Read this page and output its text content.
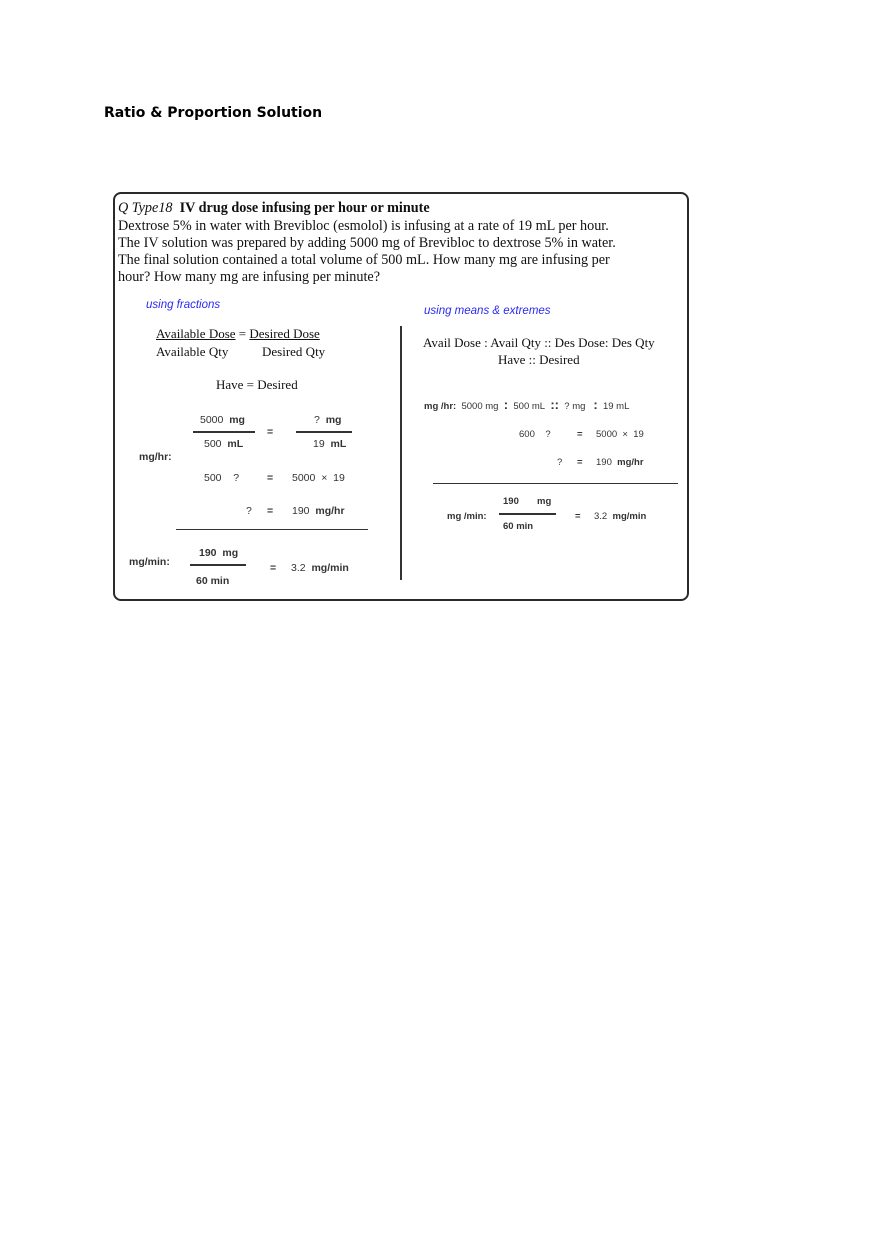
Ratio & Proportion Solution
Q Type18 IV drug dose infusing per hour or minute
Dextrose 5% in water with Brevibloc (esmolol) is infusing at a rate of 19 mL per hour.
The IV solution was prepared by adding 5000 mg of Brevibloc to dextrose 5% in water.
The final solution contained a total volume of 500 mL. How many mg are infusing per
hour? How many mg are infusing per minute?
using fractions
Available Dose = Desired Dose
Available Qty	Desired Qty
Have = Desired
5000 mg
500 mL
=
? mg
19 mL
mg/hr:
500    ?	= 5000  ×  19
? = 190 mg/hr
mg/min:
190  mg
60 min
= 3.2 mg/min
using means & extremes
Avail Dose : Avail Qty :: Des Dose: Des Qty
Have :: Desired
mg /hr: 5000 mg : 500 mL :: ? mg : 19 mL
600    ?	= 5000  ×  19
? = 190 mg/hr
mg /min:
190 mg
60 min
= 3.2 mg/min
